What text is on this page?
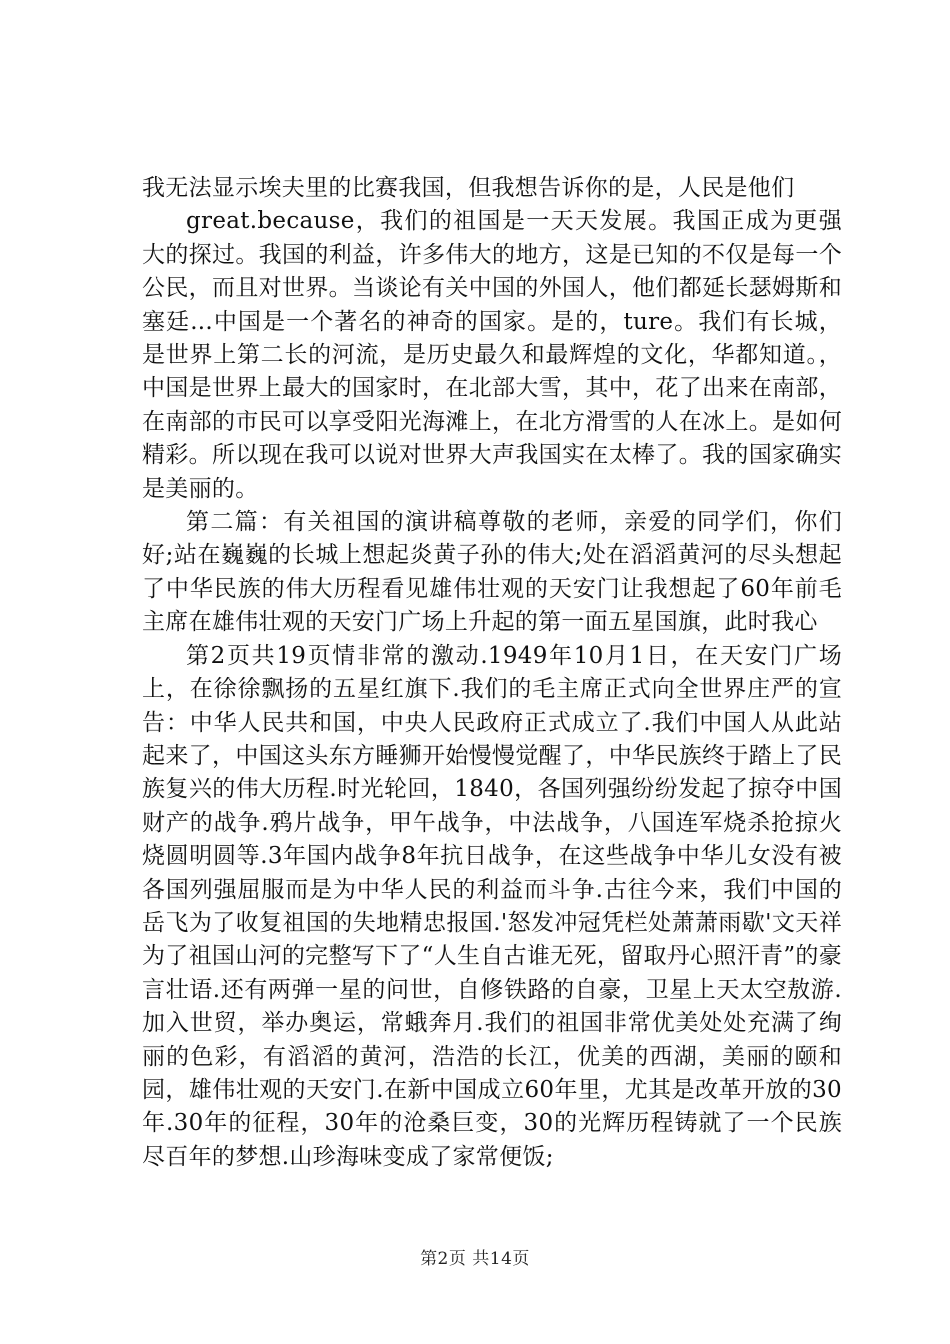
我无法显示埃夫里的比赛我国，但我想告诉你的是，人民是他们

great.because，我们的祖国是一天天发展。我国正成为更强大的探过。我国的利益，许多伟大的地方，这是已知的不仅是每一个公民，而且对世界。当谈论有关中国的外国人，他们都延长瑟姆斯和塞廷...中国是一个著名的神奇的国家。是的，ture。我们有长城，是世界上第二长的河流，是历史最久和最辉煌的文化，华都知道。，中国是世界上最大的国家时，在北部大雪，其中，花了出来在南部，在南部的市民可以享受阳光海滩上，在北方滑雪的人在冰上。是如何精彩。所以现在我可以说对世界大声我国实在太棒了。我的国家确实是美丽的。

第二篇：有关祖国的演讲稿尊敬的老师，亲爱的同学们，你们好;站在巍巍的长城上想起炎黄子孙的伟大;处在滔滔黄河的尽头想起了中华民族的伟大历程看见雄伟壮观的天安门让我想起了60年前毛主席在雄伟壮观的天安门广场上升起的第一面五星国旗，此时我心

第2页共19页情非常的激动.1949年10月1日，在天安门广场上，在徐徐飘扬的五星红旗下.我们的毛主席正式向全世界庄严的宣告：中华人民共和国，中央人民政府正式成立了.我们中国人从此站起来了，中国这头东方睡狮开始慢慢觉醒了，中华民族终于踏上了民族复兴的伟大历程.时光轮回，1840，各国列强纷纷发起了掠夺中国财产的战争.鸦片战争，甲午战争，中法战争，八国连军烧杀抢掠火烧圆明圆等.3年国内战争8年抗日战争，在这些战争中华儿女没有被各国列强屈服而是为中华人民的利益而斗争.古往今来，我们中国的岳飞为了收复祖国的失地精忠报国.'怒发冲冠凭栏处萧萧雨歇'文天祥为了祖国山河的完整写下了“人生自古谁无死，留取丹心照汗青”的豪言壮语.还有两弹一星的问世，自修铁路的自豪，卫星上天太空敖游.加入世贸，举办奥运，常蛾奔月.我们的祖国非常优美处处充满了绚丽的色彩，有滔滔的黄河，浩浩的长江，优美的西湖，美丽的颐和园，雄伟壮观的天安门.在新中国成立60年里，尤其是改革开放的30年.30年的征程，30年的沧桑巨变，30的光辉历程铸就了一个民族尽百年的梦想.山珍海味变成了家常便饭;

第2页 共14页
